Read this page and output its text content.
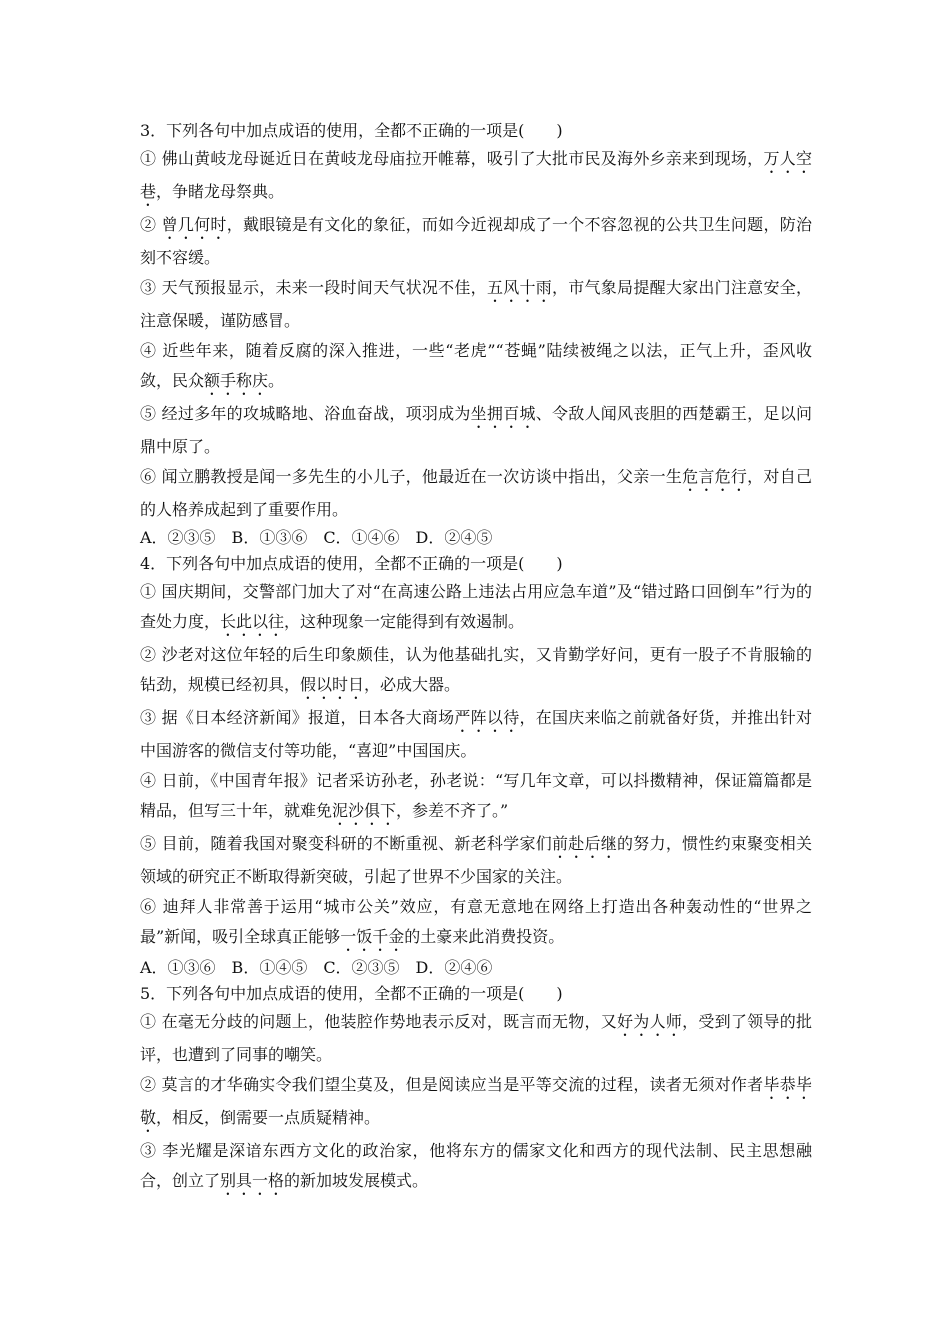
3．下列各句中加点成语的使用，全都不正确的一项是(　　)

① 佛山黄岐龙母诞近日在黄岐龙母庙拉开帷幕，吸引了大批市民及海外乡亲来到现场，万人空巷，争睹龙母祭典。

② 曾几何时，戴眼镜是有文化的象征，而如今近视却成了一个不容忽视的公共卫生问题，防治刻不容缓。

③ 天气预报显示，未来一段时间天气状况不佳，五风十雨，市气象局提醒大家出门注意安全，注意保暖，谨防感冒。

④ 近些年来，随着反腐的深入推进，一些“老虎”“苍蝇”陆续被绳之以法，正气上升，歪风收敛，民众额手称庆。

⑤ 经过多年的攻城略地、浴血奋战，项羽成为坐拥百城、令敌人闻风丧胆的西楚霸王，足以问鼎中原了。

⑥ 闻立鹏教授是闻一多先生的小儿子，他最近在一次访谈中指出，父亲一生危言危行，对自己的人格养成起到了重要作用。

A．②③⑤　B．①③⑥　C．①④⑥　D．②④⑤

4．下列各句中加点成语的使用，全都不正确的一项是(　　)

① 国庆期间，交警部门加大了对“在高速公路上违法占用应急车道”及“错过路口回倒车”行为的查处力度，长此以往，这种现象一定能得到有效遏制。

② 沙老对这位年轻的后生印象颇佳，认为他基础扎实，又肯勤学好问，更有一股子不肯服输的钻劲，规模已经初具，假以时日，必成大器。

③ 据《日本经济新闻》报道，日本各大商场严阵以待，在国庆来临之前就备好货，并推出针对中国游客的微信支付等功能，“喜迎”中国国庆。

④ 日前，《中国青年报》记者采访孙老，孙老说：“写几年文章，可以抖擞精神，保证篇篇都是精品，但写三十年，就难免泥沙俱下，参差不齐了。”

⑤ 目前，随着我国对聚变科研的不断重视、新老科学家们前赴后继的努力，惯性约束聚变相关领域的研究正不断取得新突破，引起了世界不少国家的关注。

⑥ 迪拜人非常善于运用“城市公关”效应，有意无意地在网络上打造出各种轰动性的“世界之最”新闻，吸引全球真正能够一饭千金的土豪来此消费投资。

A．①③⑥　B．①④⑤　C．②③⑤　D．②④⑥

5．下列各句中加点成语的使用，全都不正确的一项是(　　)

① 在毫无分歧的问题上，他装腔作势地表示反对，既言而无物，又好为人师，受到了领导的批评，也遭到了同事的嘲笑。

② 莫言的才华确实令我们望尘莫及，但是阅读应当是平等交流的过程，读者无须对作者毕恭毕敬，相反，倒需要一点质疑精神。

③ 李光耀是深谙东西方文化的政治家，他将东方的儒家文化和西方的现代法制、民主思想融合，创立了别具一格的新加坡发展模式。
